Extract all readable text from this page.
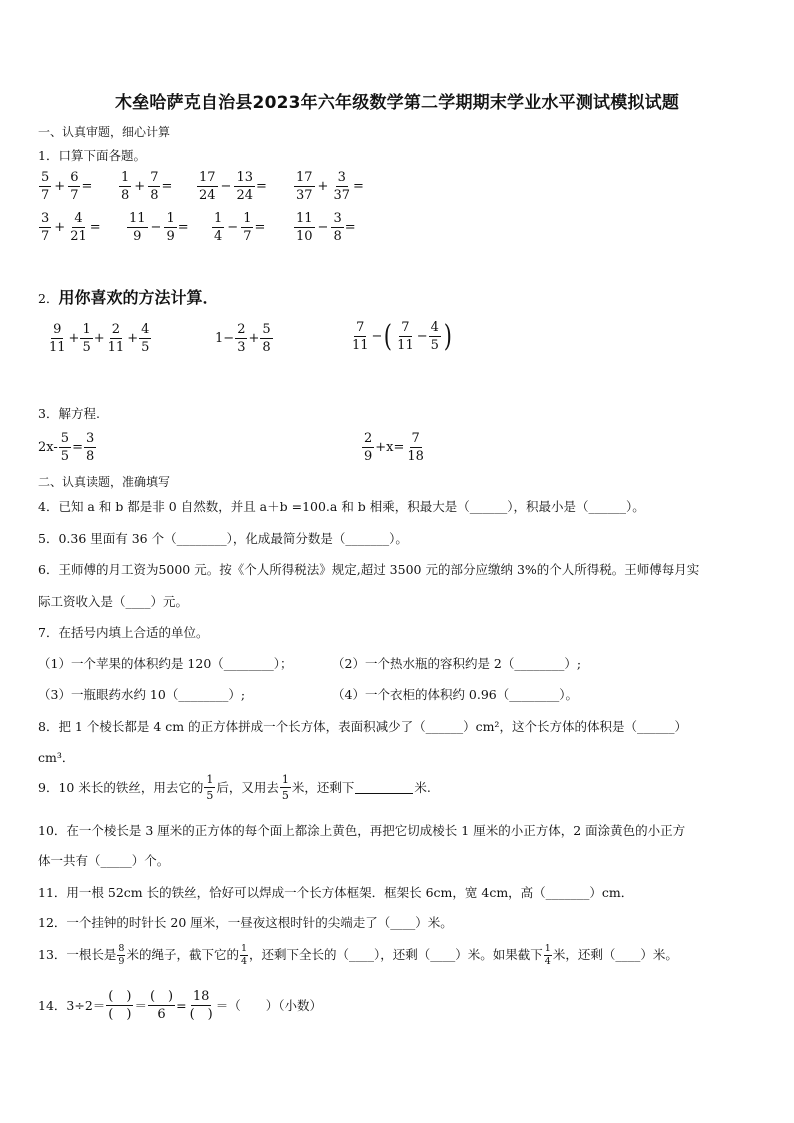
木垒哈萨克自治县2023年六年级数学第二学期期末学业水平测试模拟试题
一、认真审题，细心计算
1．口算下面各题。
$\frac{5}{7} + \frac{6}{7} = \frac{1}{8} + \frac{7}{8} = \frac{17}{24} - \frac{13}{24} = \frac{17}{37} + \frac{3}{37}$ =
$\frac{3}{7} + \frac{4}{21} = \frac{11}{9} - \frac{1}{9} = \frac{1}{4} - \frac{1}{7} = \frac{11}{10} - \frac{3}{8}$ =
2．用你喜欢的方法计算．
$\frac{9}{11} + \frac{1}{5} + \frac{2}{11} + \frac{4}{5}$	$1 - \frac{2}{3} + \frac{5}{8}$	$\frac{7}{11}$ − ( $\frac{7}{11} - \frac{4}{5}$ )
3．解方程.
$2x- \frac{5}{5} = \frac{3}{8}$	$\frac{2}{9} +x= \frac{7}{18}$
二、认真读题，准确填写
4．已知 a 和 b 都是非 0 自然数，并且 a＋b =100.a 和 b 相乘，积最大是（______），积最小是（______）。
5．0.36 里面有 36 个（________），化成最简分数是（_______）。
6．王师傅的月工资为5000 元。按《个人所得税法》规定,超过 3500 元的部分应缴纳 3%的个人所得税。王师傅每月实
际工资收入是（____）元。
7．在括号内填上合适的单位。
（1）一个苹果的体积约是 120（________）；	（2）一个热水瓶的容积约是 2（________）;
（3）一瓶眼药水约 10（________）;	（4）一个衣柜的体积约 0.96（________）。
8．把 1 个棱长都是 4 cm 的正方体拼成一个长方体，表面积减少了（______）cm²，这个长方体的体积是（______）
cm³．
9．10 米长的铁丝，用去它的 $\frac{1}{5}$ 后，又用去 $\frac{1}{5}$ 米，还剩下	米.
10．在一个棱长是 3 厘米的正方体的每个面上都涂上黄色，再把它切成棱长 1 厘米的小正方体，2 面涂黄色的小正方
体一共有（_____）个。
11．用一根 52cm 长的铁丝，恰好可以焊成一个长方体框架．框架长 6cm，宽 4cm，高（_______）cm．
12．一个挂钟的时针长 20 厘米，一昼夜这根时针的尖端走了（____）米。
13．一根长是 $\frac{8}{9}$ 米的绳子，截下它的 $\frac{1}{4}$ ，还剩下全长的（____），还剩（____）米。如果截下 $\frac{1}{4}$ 米，还剩（____）米。
14．$3\div 2= \frac{( )}{( )} = \frac{( )}{6} = \frac{18}{( )}$ ＝（　　）（小数）
